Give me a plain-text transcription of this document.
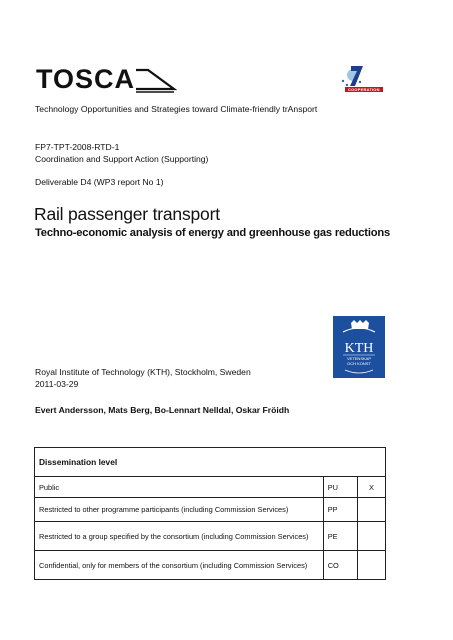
TOSCA	COOPERATION
Technology Opportunities and Strategies toward Climate-friendly trAnsport
FP7-TPT-2008-RTD-1
Coordination and Support Action (Supporting)
Deliverable D4 (WP3 report No 1)
Rail passenger transport
Techno-economic analysis of energy and greenhouse gas reductions
KTH
VETENSKAP
OCH KONST
Royal Institute of Technology (KTH), Stockholm, Sweden
2011-03-29
Evert Andersson, Mats Berg, Bo-Lennart Nelldal, Oskar Fröidh
Dissemination level		
Public	PU	X
Restricted to other programme participants (including Commission Services)	PP	
Restricted to a group specified by the consortium (including Commission Services)	PE	
Confidential, only for members of the consortium (including Commission Services)	CO	
